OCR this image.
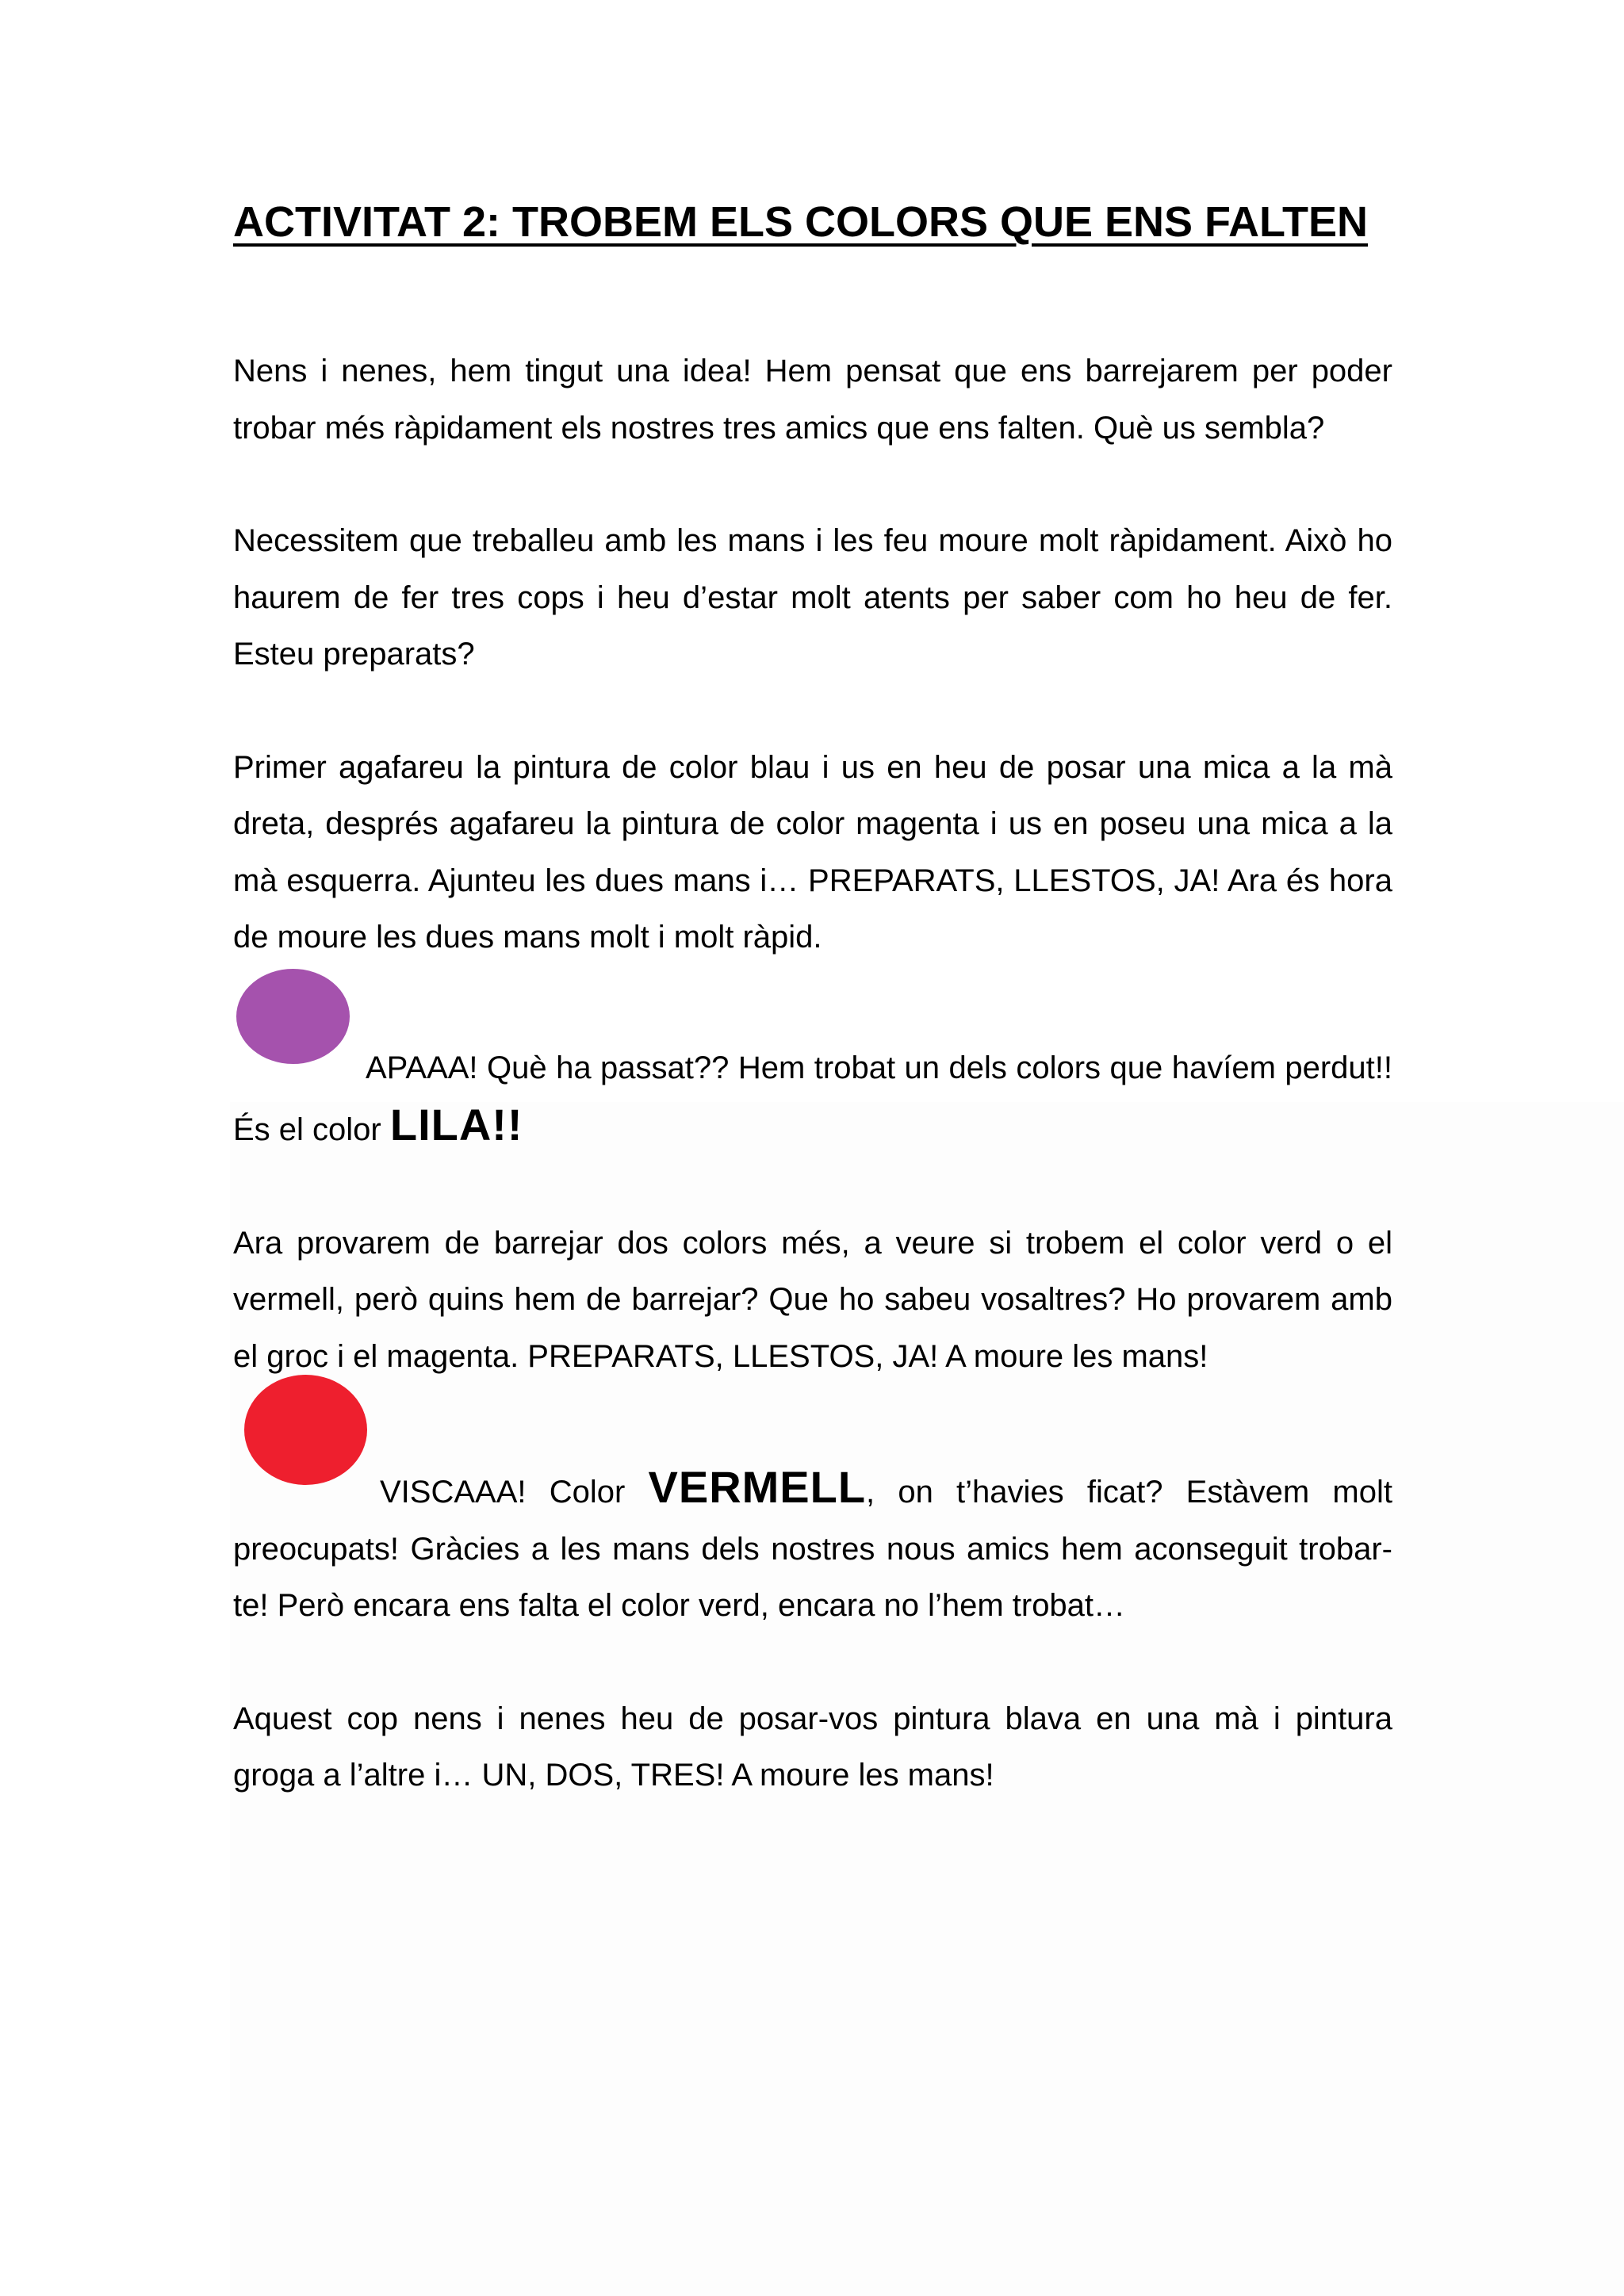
ACTIVITAT 2: TROBEM ELS COLORS QUE ENS FALTEN

Nens i nenes, hem tingut una idea! Hem pensat que ens barrejarem per poder trobar més ràpidament els nostres tres amics que ens falten. Què us sembla?

Necessitem que treballeu amb les mans i les feu moure molt ràpidament. Això ho haurem de fer tres cops i heu d’estar molt atents per saber com ho heu de fer. Esteu preparats?

Primer agafareu la pintura de color blau i us en heu de posar una mica a la mà dreta, després agafareu la pintura de color magenta i us en poseu una mica a la mà esquerra. Ajunteu les dues mans i… PREPARATS, LLESTOS, JA! Ara és hora de moure les dues mans molt i molt ràpid.

APAAA! Què ha passat?? Hem trobat un dels colors que havíem perdut!! És el color LILA!!

Ara provarem de barrejar dos colors més, a veure si trobem el color verd o el vermell, però quins hem de barrejar? Que ho sabeu vosaltres? Ho provarem amb el groc i el magenta. PREPARATS, LLESTOS, JA! A moure les mans!

VISCAAA! Color VERMELL, on t’havies ficat? Estàvem molt preocupats! Gràcies a les mans dels nostres nous amics hem aconseguit trobar-te! Però encara ens falta el color verd, encara no l’hem trobat…

Aquest cop nens i nenes heu de posar-vos pintura blava en una mà i pintura groga a l’altre i… UN, DOS, TRES! A moure les mans!
